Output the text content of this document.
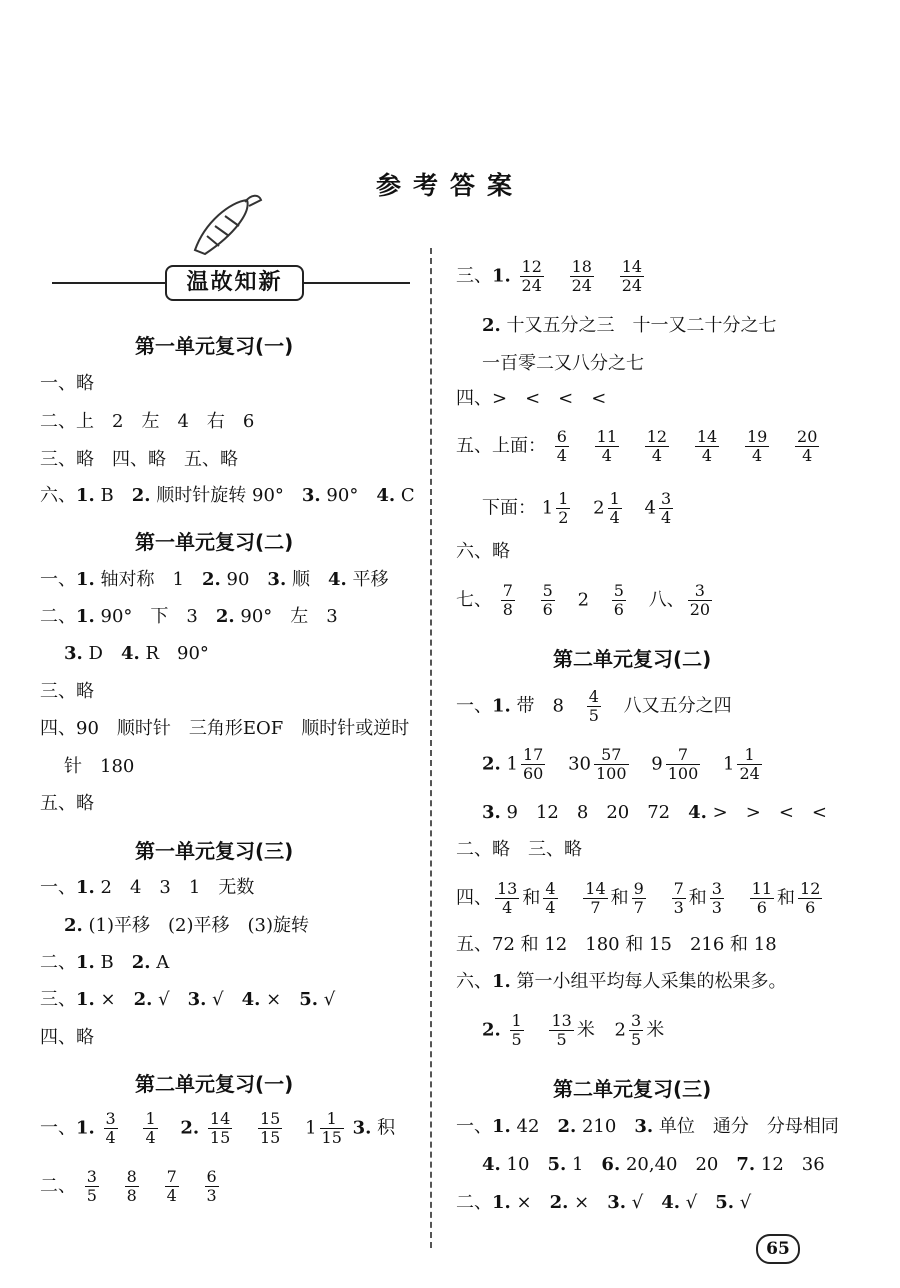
参考答案
温故知新
第一单元复习(一)
一、略
二、上　2　左　4　右　6
三、略　四、略　五、略
六、1. B　2. 顺时针旋转 90°　3. 90°　4. C
第一单元复习(二)
一、1. 轴对称　1　2. 90　3. 顺　4. 平移
二、1. 90°　下　3　2. 90°　左　3
3. D　4. R　90°
三、略
四、90　顺时针　三角形EOF　顺时针或逆时
针　180
五、略
第一单元复习(三)
一、1. 2　4　3　1　无数
2. (1)平移　(2)平移　(3)旋转
二、1. B　2. A
三、1. ×　2. √　3. √　4. ×　5. √
四、略
第二单元复习(一)
一、1. $\frac{3}{4}$
$\frac{1}{4} 2$. $\frac{14}{15}$
$\frac{15}{15} 1 \frac{1}{15} 3$. 积
二、 $\frac{3}{5}$
$\frac{8}{8}$
$\frac{7}{4}$
$\frac{6}{3}$
三、1. $\frac{12}{24}$
$\frac{18}{24}$
$\frac{14}{24}$
2. 十又五分之三　十一又二十分之七
一百零二又八分之七
四、>　<　<　<
五、上面： $\frac{6}{4}$
$\frac{11}{4}$
$\frac{12}{4}$
$\frac{14}{4}$
$\frac{19}{4}$
$\frac{20}{4}$
下面： $1 \frac{1}{2} 2 \frac{1}{4} 4 \frac{3}{4}$
六、略
七、 $\frac{7}{8}$
$\frac{5}{6} 2 \frac{5}{6}$ 八、 $\frac{3}{20}$
第二单元复习(二)
一、1. 带　$8 \frac{4}{5}$ 八又五分之四
2. $1 \frac{17}{60} 30 \frac{57}{100} 9 \frac{7}{100} 1 \frac{1}{24}$
3. 9　12　8　20　72　4. >　>　<　<
二、略　三、略
四、 $\frac{13}{4}$ 和 $\frac{4}{4}$
$\frac{14}{7}$ 和 $\frac{9}{7}$
$\frac{7}{3}$ 和 $\frac{3}{3}$
$\frac{11}{6}$ 和 $\frac{12}{6}$
五、72 和 12　180 和 15　216 和 18
六、1. 第一小组平均每人采集的松果多。
2. $\frac{1}{5}$
$\frac{13}{5}$ 米 $2 \frac{3}{5}$ 米
第二单元复习(三)
一、1. 42　2. 210　3. 单位　通分　分母相同
4. 10　5. 1　6. 20,40　20　7. 12　36
二、1. ×　2. ×　3. √　4. √　5. √
65
